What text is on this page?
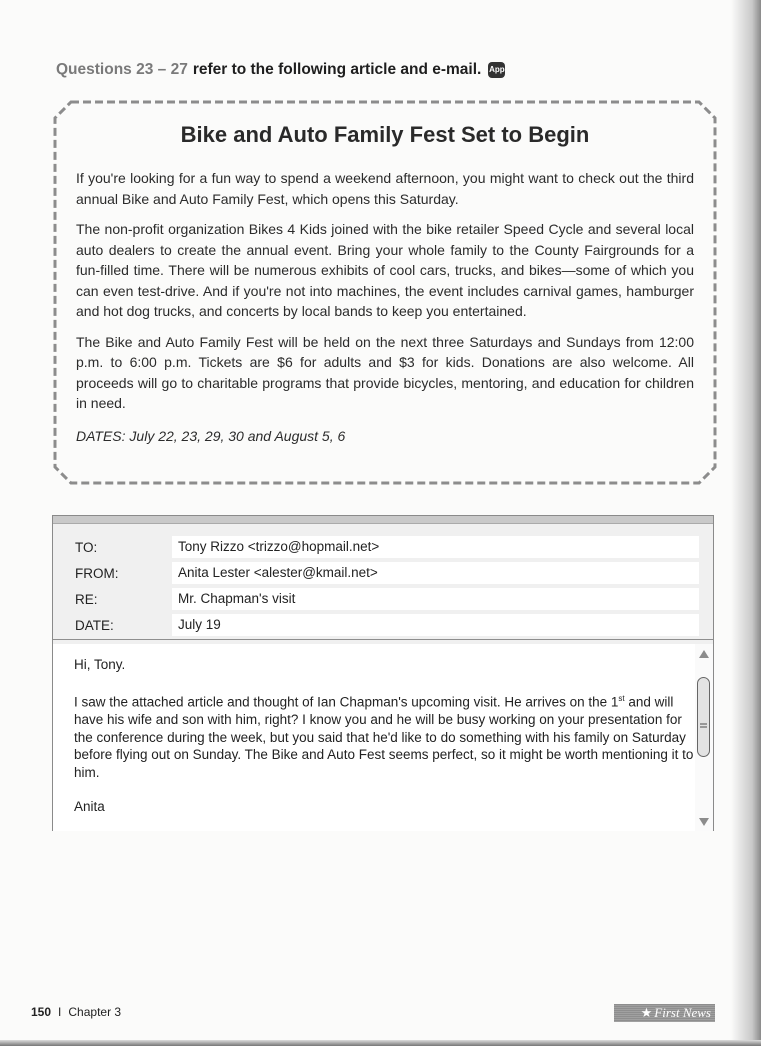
Questions 23 – 27 refer to the following article and e-mail. App
Bike and Auto Family Fest Set to Begin

If you're looking for a fun way to spend a weekend afternoon, you might want to check out the third annual Bike and Auto Family Fest, which opens this Saturday.

The non-profit organization Bikes 4 Kids joined with the bike retailer Speed Cycle and several local auto dealers to create the annual event. Bring your whole family to the County Fairgrounds for a fun-filled time. There will be numerous exhibits of cool cars, trucks, and bikes—some of which you can even test-drive. And if you're not into machines, the event includes carnival games, hamburger and hot dog trucks, and concerts by local bands to keep you entertained.

The Bike and Auto Family Fest will be held on the next three Saturdays and Sundays from 12:00 p.m. to 6:00 p.m. Tickets are $6 for adults and $3 for kids. Donations are also welcome. All proceeds will go to charitable programs that provide bicycles, mentoring, and education for children in need.

DATES: July 22, 23, 29, 30 and August 5, 6

TO:	Tony Rizzo <trizzo@hopmail.net>
FROM:	Anita Lester <alester@kmail.net>
RE:	Mr. Chapman's visit
DATE:	July 19

Hi, Tony.

I saw the attached article and thought of Ian Chapman's upcoming visit. He arrives on the 1st and will have his wife and son with him, right? I know you and he will be busy working on your presentation for the conference during the week, but you said that he'd like to do something with his family on Saturday before flying out on Sunday. The Bike and Auto Fest seems perfect, so it might be worth mentioning it to him.

Anita

150 I Chapter 3	★ First News
